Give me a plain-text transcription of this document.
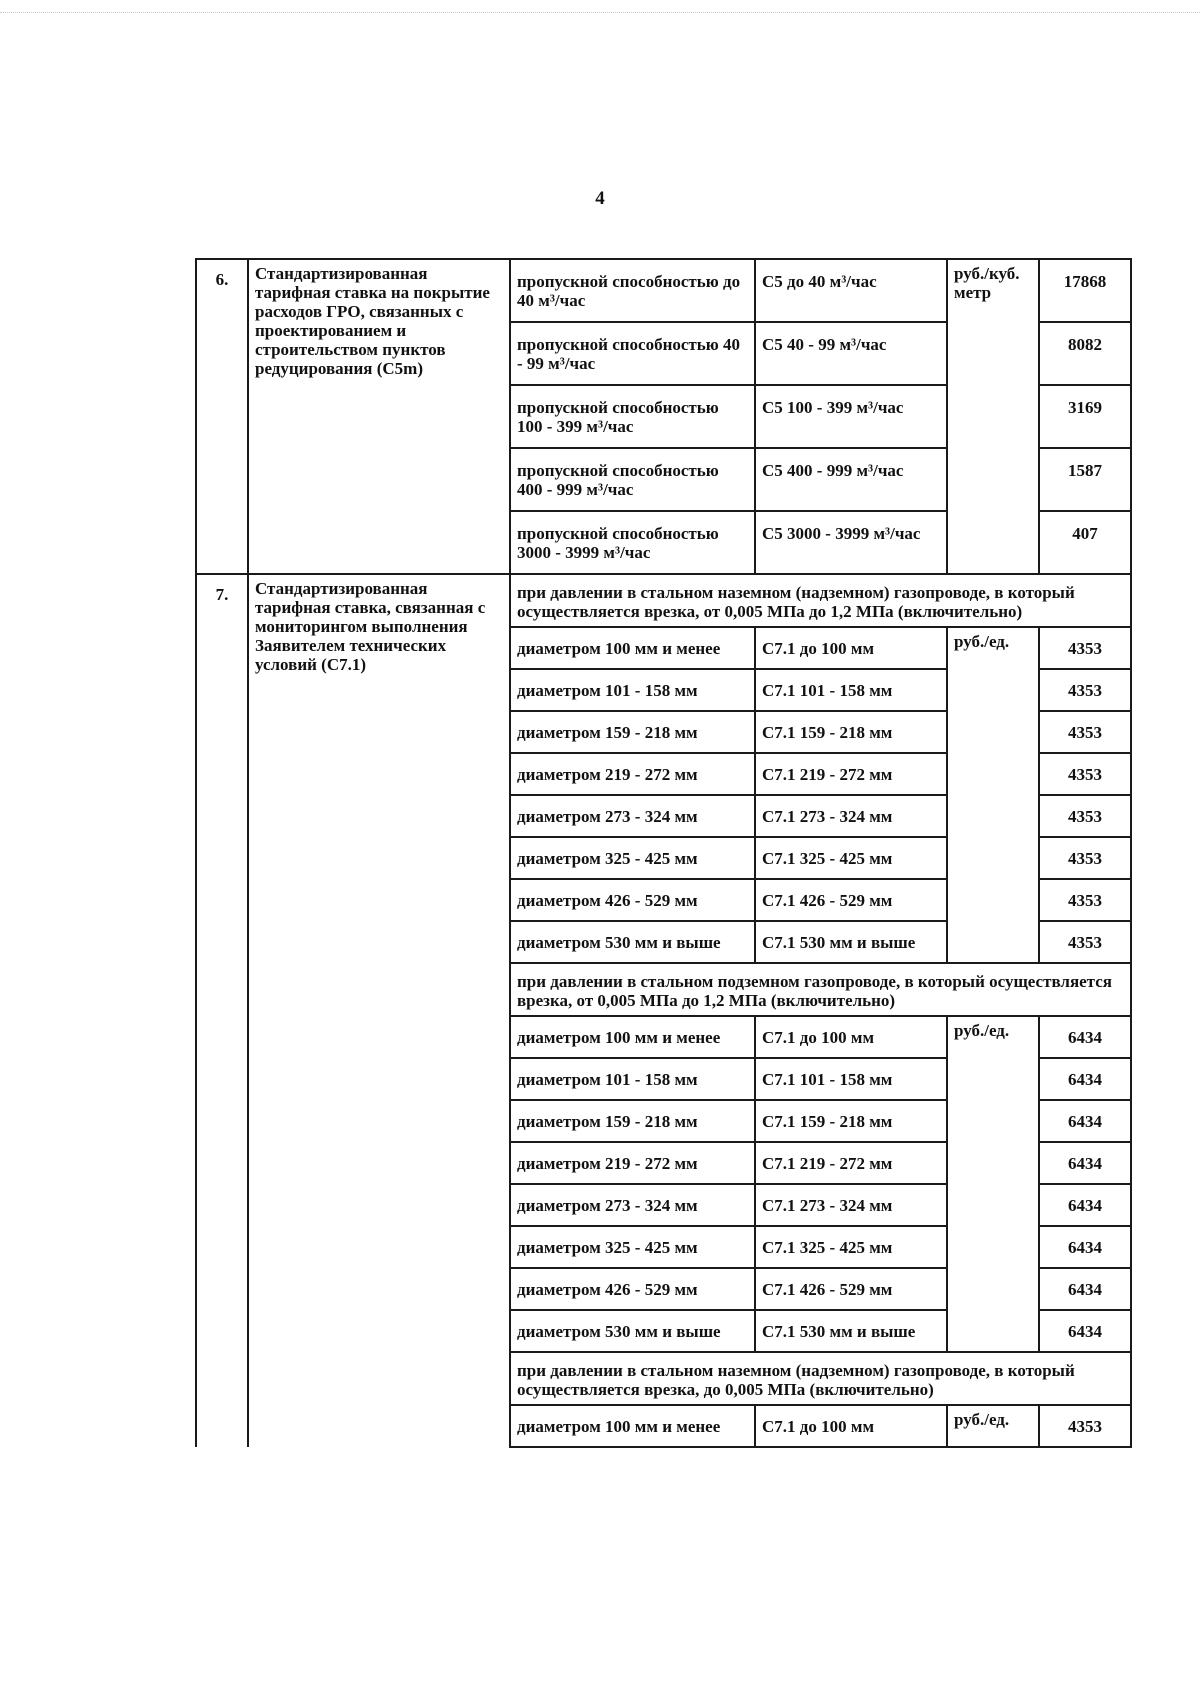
4
6.	Стандартизированная тарифная ставка на покрытие расходов ГРО, связанных с проектированием и строительством пунктов редуцирования (C5m)	пропускной способностью до 40 м³/час	C5 до 40 м³/час	руб./куб. метр	17868
		пропускной способностью 40 - 99 м³/час	C5 40 - 99 м³/час		8082
		пропускной способностью 100 - 399 м³/час	C5 100 - 399 м³/час		3169
		пропускной способностью 400 - 999 м³/час	C5 400 - 999 м³/час		1587
		пропускной способностью 3000 - 3999 м³/час	C5 3000 - 3999 м³/час		407
7.	Стандартизированная тарифная ставка, связанная с мониторингом выполнения Заявителем технических условий (C7.1)	при давлении в стальном наземном (надземном) газопроводе, в который осуществляется врезка, от 0,005 МПа до 1,2 МПа (включительно)			
		диаметром 100 мм и менее	C7.1 до 100 мм	руб./ед.	4353
		диаметром 101 - 158 мм	C7.1 101 - 158 мм		4353
		диаметром 159 - 218 мм	C7.1 159 - 218 мм		4353
		диаметром 219 - 272 мм	C7.1 219 - 272 мм		4353
		диаметром 273 - 324 мм	C7.1 273 - 324 мм		4353
		диаметром 325 - 425 мм	C7.1 325 - 425 мм		4353
		диаметром 426 - 529 мм	C7.1 426 - 529 мм		4353
		диаметром 530 мм и выше	C7.1 530 мм и выше		4353
		при давлении в стальном подземном газопроводе, в который осуществляется врезка, от 0,005 МПа до 1,2 МПа (включительно)			
		диаметром 100 мм и менее	C7.1 до 100 мм	руб./ед.	6434
		диаметром 101 - 158 мм	C7.1 101 - 158 мм		6434
		диаметром 159 - 218 мм	C7.1 159 - 218 мм		6434
		диаметром 219 - 272 мм	C7.1 219 - 272 мм		6434
		диаметром 273 - 324 мм	C7.1 273 - 324 мм		6434
		диаметром 325 - 425 мм	C7.1 325 - 425 мм		6434
		диаметром 426 - 529 мм	C7.1 426 - 529 мм		6434
		диаметром 530 мм и выше	C7.1 530 мм и выше		6434
		при давлении в стальном наземном (надземном) газопроводе, в который осуществляется врезка, до 0,005 МПа (включительно)			
		диаметром 100 мм и менее	C7.1 до 100 мм	руб./ед.	4353
